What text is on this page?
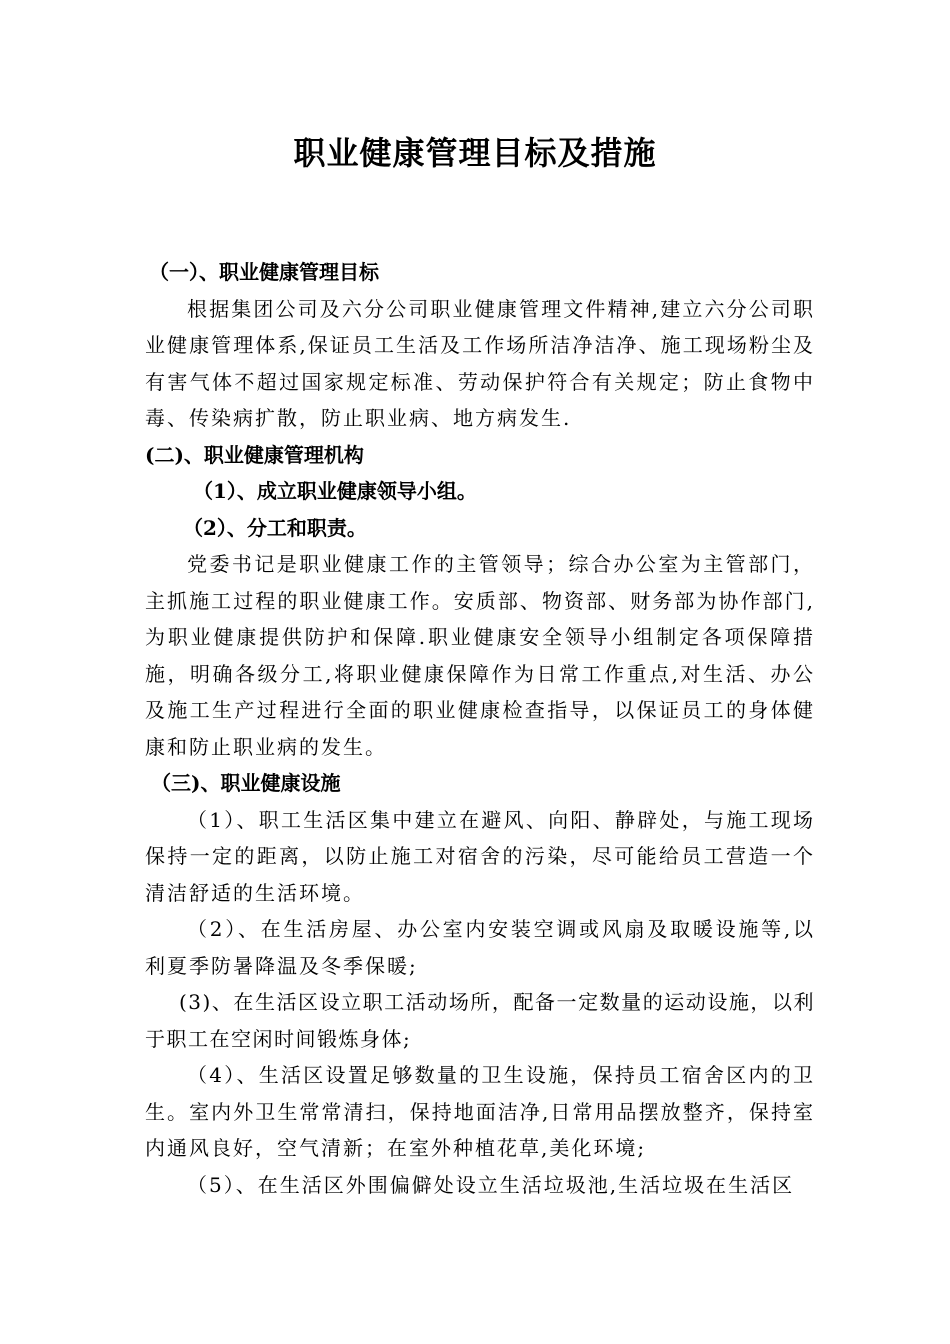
职业健康管理目标及措施

（一）、职业健康管理目标

根据集团公司及六分公司职业健康管理文件精神,建立六分公司职业健康管理体系,保证员工生活及工作场所洁净洁净、施工现场粉尘及有害气体不超过国家规定标准、劳动保护符合有关规定；防止食物中毒、传染病扩散，防止职业病、地方病发生.

(二)、职业健康管理机构

（1）、成立职业健康领导小组。

（2）、分工和职责。

党委书记是职业健康工作的主管领导；综合办公室为主管部门，主抓施工过程的职业健康工作。安质部、物资部、财务部为协作部门,为职业健康提供防护和保障.职业健康安全领导小组制定各项保障措施，明确各级分工,将职业健康保障作为日常工作重点,对生活、办公及施工生产过程进行全面的职业健康检查指导，以保证员工的身体健康和防止职业病的发生。

（三)、职业健康设施

（1）、职工生活区集中建立在避风、向阳、静辟处，与施工现场保持一定的距离，以防止施工对宿舍的污染，尽可能给员工营造一个清洁舒适的生活环境。

（2）、在生活房屋、办公室内安装空调或风扇及取暖设施等,以利夏季防暑降温及冬季保暖;

(3)、在生活区设立职工活动场所，配备一定数量的运动设施，以利于职工在空闲时间锻炼身体;

（4）、生活区设置足够数量的卫生设施，保持员工宿舍区内的卫生。室内外卫生常常清扫，保持地面洁净,日常用品摆放整齐，保持室内通风良好，空气清新；在室外种植花草,美化环境;

（5）、在生活区外围偏僻处设立生活垃圾池,生活垃圾在生活区
